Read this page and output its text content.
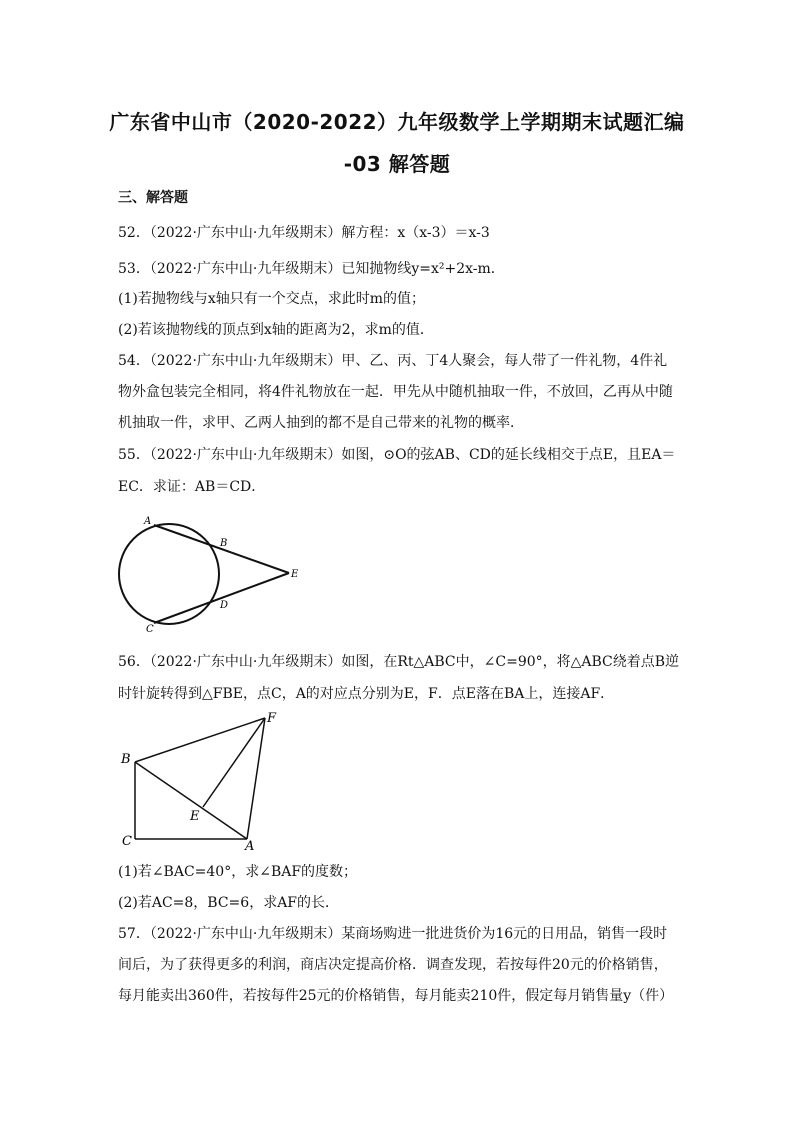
广东省中山市（2020-2022）九年级数学上学期期末试题汇编
-03 解答题
三、解答题
52．（2022·广东中山·九年级期末）解方程：x（x-3）＝x-3
53．（2022·广东中山·九年级期末）已知抛物线y=x²+2x-m．
(1)若抛物线与x轴只有一个交点，求此时m的值；
(2)若该抛物线的顶点到x轴的距离为2，求m的值．
54．（2022·广东中山·九年级期末）甲、乙、丙、丁4人聚会，每人带了一件礼物，4件礼
物外盒包装完全相同，将4件礼物放在一起．甲先从中随机抽取一件，不放回，乙再从中随
机抽取一件，求甲、乙两人抽到的都不是自己带来的礼物的概率．
55．（2022·广东中山·九年级期末）如图，⊙O的弦AB、CD的延长线相交于点E，且EA＝
EC．求证：AB＝CD．
A
B
C
D
E
56．（2022·广东中山·九年级期末）如图，在Rt△ABC中，∠C=90°，将△ABC绕着点B逆
时针旋转得到△FBE，点C，A的对应点分别为E，F．点E落在BA上，连接AF．
B
C
E
A
F
(1)若∠BAC=40°，求∠BAF的度数；
(2)若AC=8，BC=6，求AF的长．
57．（2022·广东中山·九年级期末）某商场购进一批进货价为16元的日用品，销售一段时
间后，为了获得更多的利润，商店决定提高价格．调查发现，若按每件20元的价格销售，
每月能卖出360件，若按每件25元的价格销售，每月能卖210件，假定每月销售量y（件）
